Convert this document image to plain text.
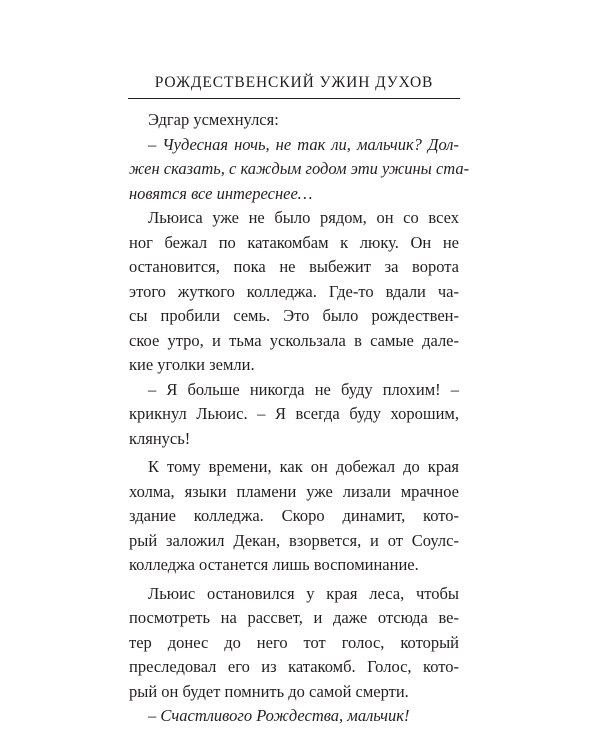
РОЖДЕСТВЕНСКИЙ УЖИН ДУХОВ
Эдгар усмехнулся:
– Чудесная ночь, не так ли, мальчик? Дол-
жен сказать, с каждым годом эти ужины ста-
новятся все интереснее…
Льюиса уже не было рядом, он со всех
ног бежал по катакомбам к люку. Он не
остановится, пока не выбежит за ворота
этого жуткого колледжа. Где-то вдали ча-
сы пробили семь. Это было рождествен-
ское утро, и тьма ускользала в самые дале-
кие уголки земли.
– Я больше никогда не буду плохим! –
крикнул Льюис. – Я всегда буду хорошим,
клянусь!
К тому времени, как он добежал до края
холма, языки пламени уже лизали мрачное
здание колледжа. Скоро динамит, кото-
рый заложил Декан, взорвется, и от Соулс-
колледжа останется лишь воспоминание.
Льюис остановился у края леса, чтобы
посмотреть на рассвет, и даже отсюда ве-
тер донес до него тот голос, который
преследовал его из катакомб. Голос, кото-
рый он будет помнить до самой смерти.
– Счастливого Рождества, мальчик!
